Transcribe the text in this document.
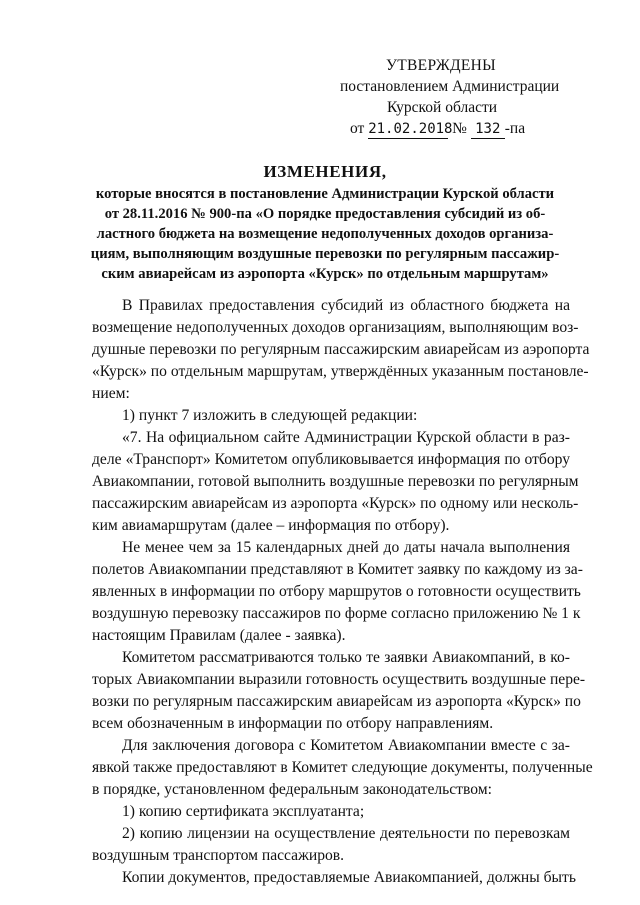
УТВЕРЖДЕНЫ
постановлением Администрации
Курской области
от 21.02.2018 № 132 -па
ИЗМЕНЕНИЯ,
которые вносятся в постановление Администрации Курской области
от 28.11.2016 № 900-па «О порядке предоставления субсидий из об-
ластного бюджета на возмещение недополученных доходов организа-
циям, выполняющим воздушные перевозки по регулярным пассажир-
ским авиарейсам из аэропорта «Курск» по отдельным маршрутам»
В Правилах предоставления субсидий из областного бюджета на
возмещение недополученных доходов организациям, выполняющим воз-
душные перевозки по регулярным пассажирским авиарейсам из аэропорта
«Курск» по отдельным маршрутам, утверждённых указанным постановле-
нием:
1) пункт 7 изложить в следующей редакции:
«7. На официальном сайте Администрации Курской области в раз-
деле «Транспорт» Комитетом опубликовывается информация по отбору
Авиакомпании, готовой выполнить воздушные перевозки по регулярным
пассажирским авиарейсам из аэропорта «Курск» по одному или несколь-
ким авиамаршрутам (далее – информация по отбору).
Не менее чем за 15 календарных дней до даты начала выполнения
полетов Авиакомпании представляют в Комитет заявку по каждому из за-
явленных в информации по отбору маршрутов о готовности осуществить
воздушную перевозку пассажиров по форме согласно приложению № 1 к
настоящим Правилам (далее - заявка).
Комитетом рассматриваются только те заявки Авиакомпаний, в ко-
торых Авиакомпании выразили готовность осуществить воздушные пере-
возки по регулярным пассажирским авиарейсам из аэропорта «Курск» по
всем обозначенным в информации по отбору направлениям.
Для заключения договора с Комитетом Авиакомпании вместе с за-
явкой также предоставляют в Комитет следующие документы, полученные
в порядке, установленном федеральным законодательством:
1) копию сертификата эксплуатанта;
2) копию лицензии на осуществление деятельности по перевозкам
воздушным транспортом пассажиров.
Копии документов, предоставляемые Авиакомпанией, должны быть
